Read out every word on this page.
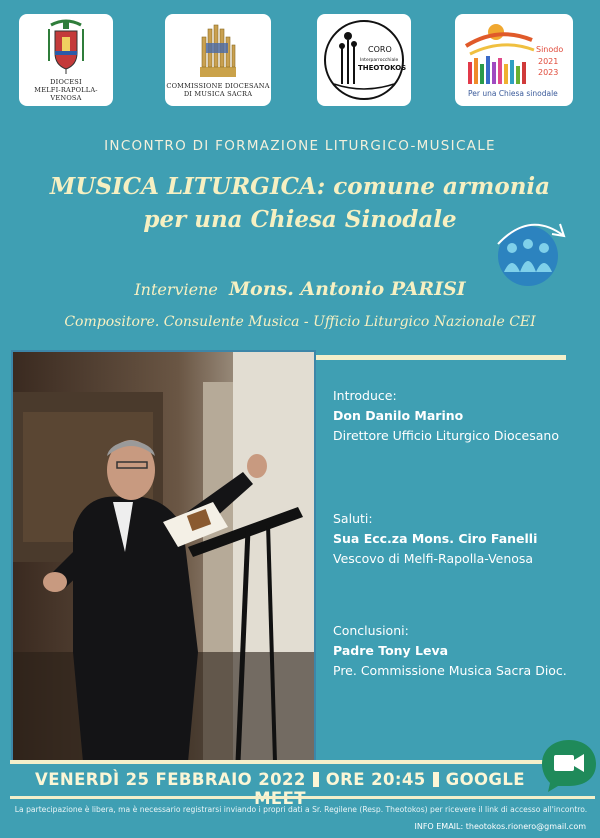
DIOCESI
MELFI-RAPOLLA-VENOSA
COMMISSIONE DIOCESANA
DI MUSICA SACRA
CORO
Interparrocchiale
THEOTOKOS
Sinodo
2021
2023
Per una Chiesa sinodale
INCONTRO DI FORMAZIONE LITURGICO-MUSICALE
MUSICA LITURGICA: comune armonia
per una Chiesa Sinodale
Interviene Mons. Antonio PARISI
Compositore. Consulente Musica - Ufficio Liturgico Nazionale CEI
Introduce:
Don Danilo Marino
Direttore Ufficio Liturgico Diocesano
Saluti:
Sua Ecc.za Mons. Ciro Fanelli
Vescovo di Melfi-Rapolla-Venosa
Conclusioni:
Padre Tony Leva
Pre. Commissione Musica Sacra Dioc.
VENERDÌ 25 FEBBRAIO 2022 ORE 20:45 GOOGLE
La partecipazione è libera, ma è necessario registrarsi inviando i propri dati a Sr. Regilene (Resp. Theotokos) per ricevere il link di accesso all'incontro.
INFO EMAIL: theotokos.rionero@gmail.com
